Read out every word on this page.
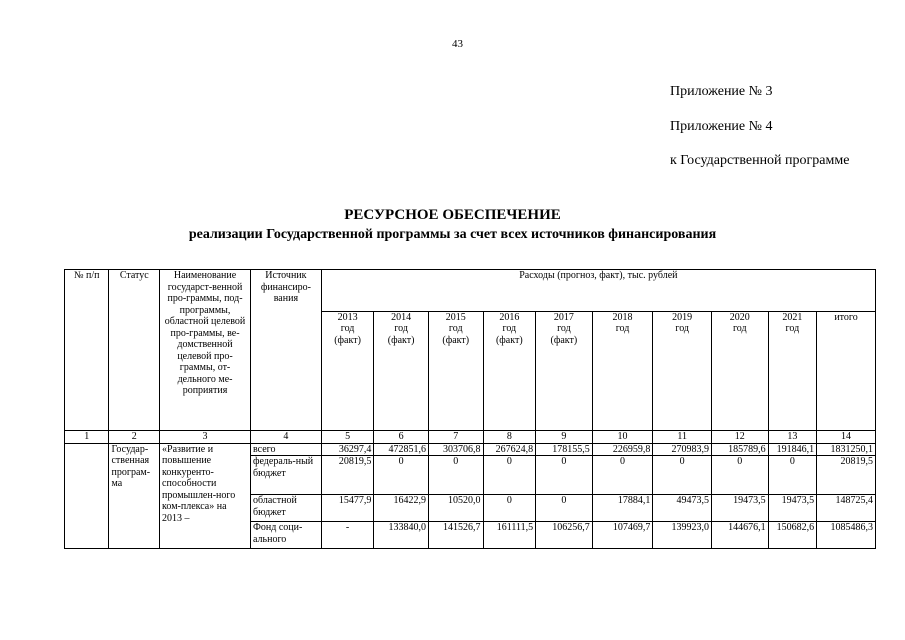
43
Приложение № 3
Приложение № 4
к Государственной программе
РЕСУРСНОЕ ОБЕСПЕЧЕНИЕ
реализации Государственной программы за счет всех источников финансирования
№ п/п	Статус	Наименование государст-венной про-граммы, под-программы, областной целевой про-граммы, ве-домственной целевой про-граммы, от-дельного ме-роприятия	Источник финансиро-вания	Расходы (прогноз, факт), тыс. рублей									
				2013
год
(факт)	2014
год
(факт)	2015
год
(факт)	2016
год
(факт)	2017
год
(факт)	2018
год	2019
год	2020
год	2021
год	итого
1	2	3	4	5	6	7	8	9	10	11	12	13	14
	Государ-ственная програм-ма	«Развитие и повышение конкуренто-способности промышлен-ного ком-плекса» на 2013 –	всего	36297,4	472851,6	303706,8	267624,8	178155,5	226959,8	270983,9	185789,6	191846,1	1831250,1
			федераль-ный бюджет	20819,5	0	0	0	0	0	0	0	0	20819,5
			областной бюджет	15477,9	16422,9	10520,0	0	0	17884,1	49473,5	19473,5	19473,5	148725,4
			Фонд соци-ального	-	133840,0	141526,7	161111,5	106256,7	107469,7	139923,0	144676,1	150682,6	1085486,3
